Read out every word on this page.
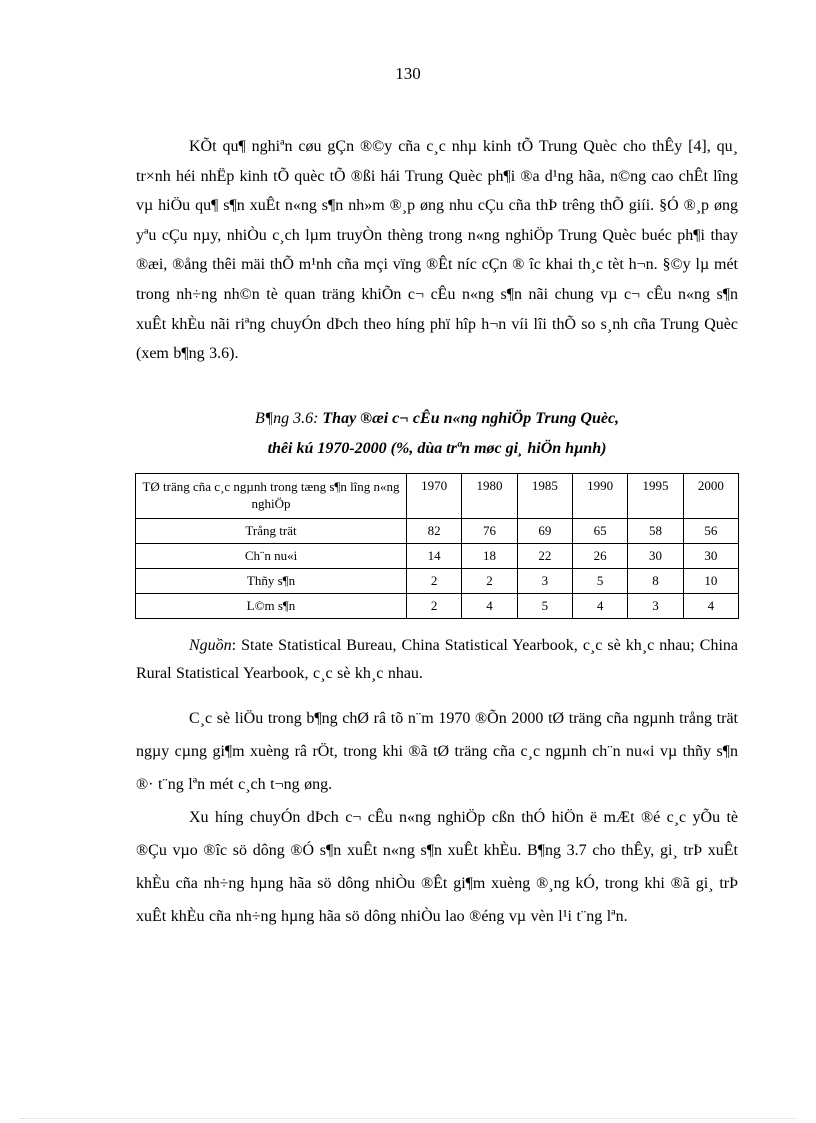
130

KÕt qu¶ nghiªn cøu gÇn ®©y cña c¸c nhµ kinh tÕ Trung Quèc cho thÊy [4], qu¸ tr×nh héi nhËp kinh tÕ quèc tÕ ®ßi hái Trung Quèc ph¶i ®a d¹ng hãa, n©ng cao chÊt lîng vµ hiÖu qu¶ s¶n xuÊt n«ng s¶n nh»m ®¸p øng nhu cÇu cña thÞ trêng thÕ giíi. §Ó ®¸p øng yªu cÇu nµy, nhiÒu c¸ch lµm truyÒn thèng trong n«ng nghiÖp Trung Quèc buéc ph¶i thay ®æi, ®ång thêi mäi thÕ m¹nh cña mçi vïng ®Êt níc cÇn ® îc khai th¸c tèt h¬n. §©y lµ mét trong nh÷ng nh©n tè quan träng khiÕn c¬ cÊu n«ng s¶n nãi chung vµ c¬ cÊu n«ng s¶n xuÊt khÈu nãi riªng chuyÓn dÞch theo híng phï hîp h¬n víi lîi thÕ so s¸nh cña Trung Quèc (xem b¶ng 3.6).

B¶ng 3.6: Thay ®æi c¬ cÊu n«ng nghiÖp Trung Quèc,
thêi kú 1970-2000 (%, dùa trªn møc gi¸ hiÖn hµnh)
TØ träng cña c¸c ngµnh trong tæng s¶n lîng n«ng nghiÖp	1970	1980	1985	1990	1995	2000
Trång trät	82	76	69	65	58	56
Ch¨n nu«i	14	18	22	26	30	30
Thñy s¶n	2	2	3	5	8	10
L©m s¶n	2	4	5	4	3	4

Nguồn: State Statistical Bureau, China Statistical Yearbook, c¸c sè kh¸c nhau; China Rural Statistical Yearbook, c¸c sè kh¸c nhau.

C¸c sè liÖu trong b¶ng chØ râ tõ n¨m 1970 ®Õn 2000 tØ träng cña ngµnh trång trät ngµy cµng gi¶m xuèng râ rÖt, trong khi ®ã tØ träng cña c¸c ngµnh ch¨n nu«i vµ thñy s¶n ®· t¨ng lªn mét c¸ch t¬ng øng.

Xu híng chuyÓn dÞch c¬ cÊu n«ng nghiÖp cßn thÓ hiÖn ë mÆt ®é c¸c yÕu tè ®Çu vµo ®îc sö dông ®Ó s¶n xuÊt n«ng s¶n xuÊt khÈu. B¶ng 3.7 cho thÊy, gi¸ trÞ xuÊt khÈu cña nh÷ng hµng hãa sö dông nhiÒu ®Êt gi¶m xuèng ®¸ng kÓ, trong khi ®ã gi¸ trÞ xuÊt khÈu cña nh÷ng hµng hãa sö dông nhiÒu lao ®éng vµ vèn l¹i t¨ng lªn.
